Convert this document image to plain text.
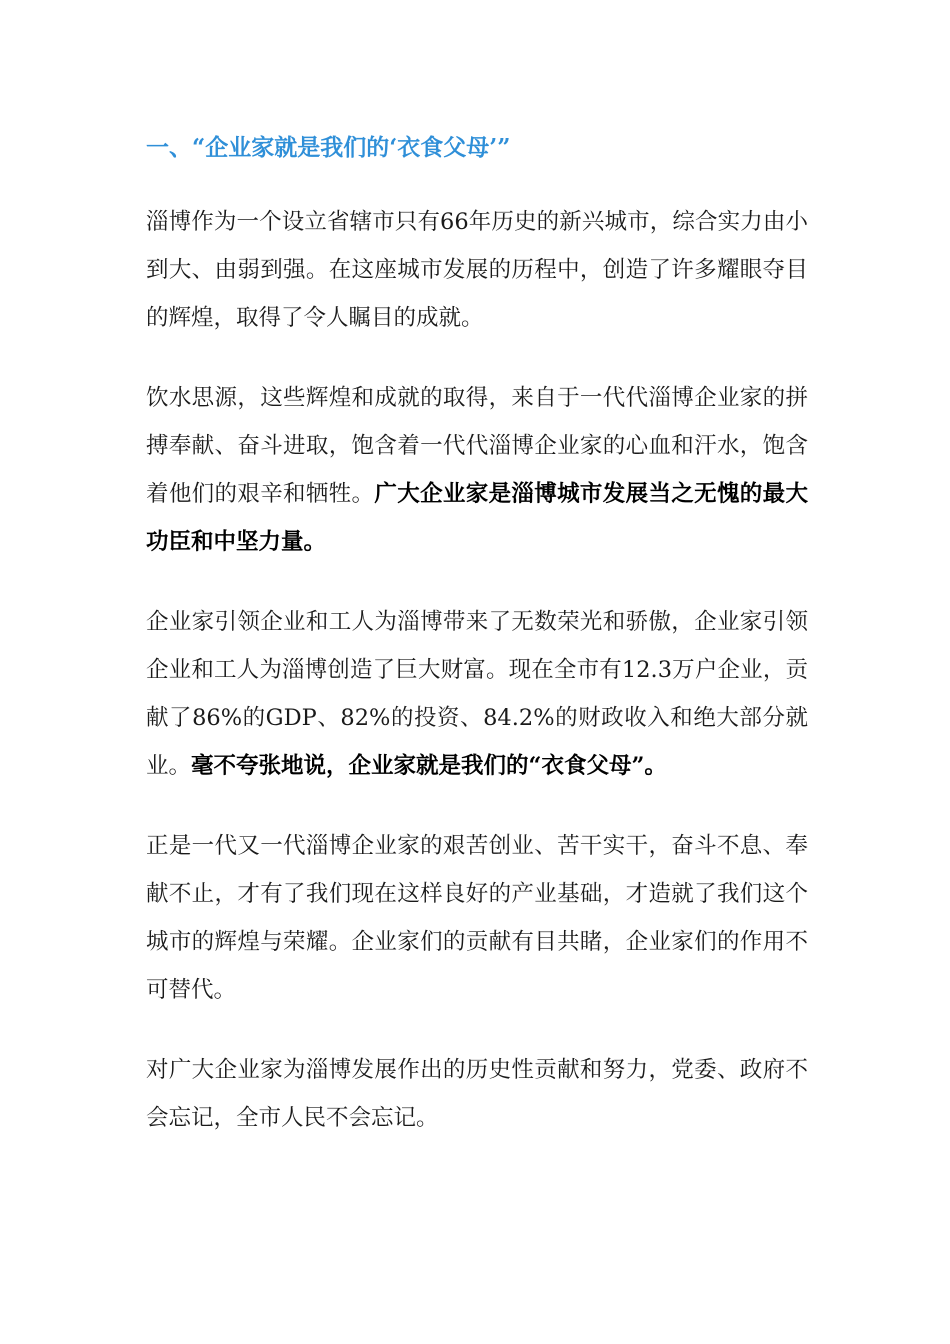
一、“企业家就是我们的‘衣食父母’”

淄博作为一个设立省辖市只有66年历史的新兴城市，综合实力由小到大、由弱到强。在这座城市发展的历程中，创造了许多耀眼夺目的辉煌，取得了令人瞩目的成就。

饮水思源，这些辉煌和成就的取得，来自于一代代淄博企业家的拼搏奉献、奋斗进取，饱含着一代代淄博企业家的心血和汗水，饱含着他们的艰辛和牺牲。广大企业家是淄博城市发展当之无愧的最大功臣和中坚力量。

企业家引领企业和工人为淄博带来了无数荣光和骄傲，企业家引领企业和工人为淄博创造了巨大财富。现在全市有12.3万户企业，贡献了86%的GDP、82%的投资、84.2%的财政收入和绝大部分就业。毫不夸张地说，企业家就是我们的“衣食父母”。

正是一代又一代淄博企业家的艰苦创业、苦干实干，奋斗不息、奉献不止，才有了我们现在这样良好的产业基础，才造就了我们这个城市的辉煌与荣耀。企业家们的贡献有目共睹，企业家们的作用不可替代。

对广大企业家为淄博发展作出的历史性贡献和努力，党委、政府不会忘记，全市人民不会忘记。
